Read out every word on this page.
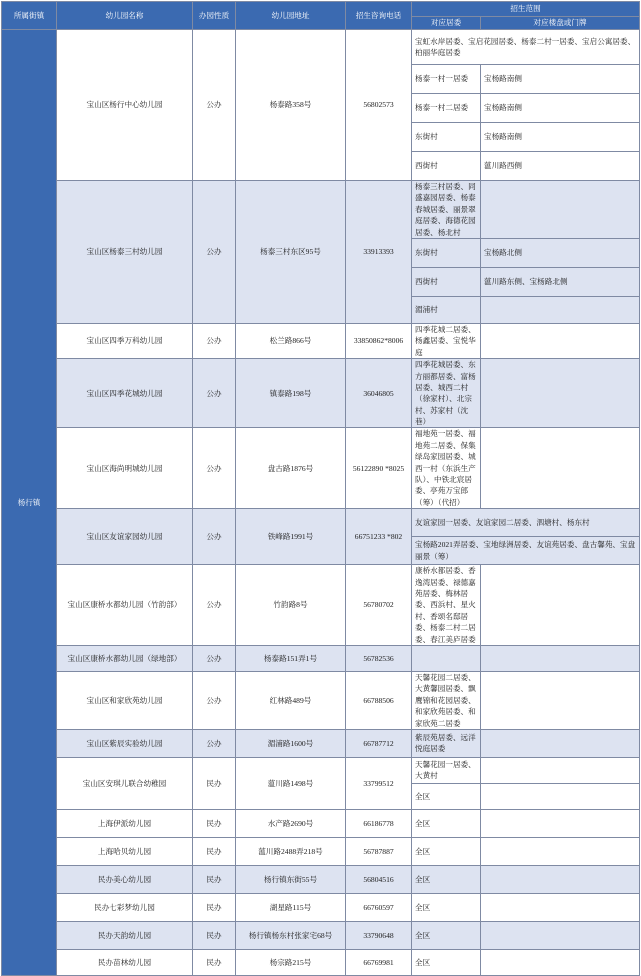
所属街镇	幼儿园名称	办园性质	幼儿园地址	招生咨询电话	招生范围	
					对应居委	对应楼盘或门牌
杨行镇	宝山区杨行中心幼儿园	公办	杨泰路358号	56802573	宝虹水岸居委、宝启花园居委、杨泰二村一居委、宝启公寓居委、柏丽华庭居委	
					杨泰一村一居委	宝杨路南侧
					杨泰一村二居委	宝杨路南侧
					东街村	宝杨路南侧
					西街村	蕰川路西侧
	宝山区杨泰三村幼儿园	公办	杨泰三村东区95号	33913393	杨泰三村居委、同盛嘉园居委、杨泰春城居委、丽景翠庭居委、海德花园居委、杨北村	
					东街村	宝杨路北侧
					西街村	蕰川路东侧、宝杨路北侧
					湄浦村	
	宝山区四季万科幼儿园	公办	松兰路866号	33850862*8006	四季花城二居委、杨鑫居委、宝悦华庭	
	宝山区四季花城幼儿园	公办	镇泰路198号	36046805	四季花城居委、东方丽都居委、富杨居委、城西二村（徐家村）、北宗村、苏家村（沈巷）	
	宝山区海尚明城幼儿园	公办	盘古路1876号	56122890 *8025	福地苑一居委、福地苑二居委、保集绿岛家园居委、城西一村（东浜生产队）、中铁北宸居委、亭苑万宝郎（筹）（代招）	
	宝山区友谊家园幼儿园	公办	铁峰路1991号	66751233 *802	友谊家园一居委、友谊家园二居委、泗塘村、杨东村	
					宝杨路2021弄居委、宝地绿洲居委、友谊苑居委、盘古馨苑、宝盘丽景（筹）	
	宝山区康桥水都幼儿园（竹韵部）	公办	竹韵路8号	56780702	康桥水都居委、香逸湾居委、禄德嘉苑居委、梅林居委、西浜村、星火村、香颂名邸居委、杨泰二村二居委、春江美庐居委	
	宝山区康桥水都幼儿园（绿地部）	公办	杨泰路151弄1号	56782536		
	宝山区和家欣苑幼儿园	公办	红林路489号	66788506	天馨花园二居委、大黄馨园居委、飘鹰锦和花园居委、和家欣苑居委、和家欣苑二居委	
	宝山区紫辰实验幼儿园	公办	湄浦路1600号	66787712	紫辰苑居委、远洋悦庭居委	
	宝山区安琪儿联合幼稚园	民办	蕰川路1498号	33799512	天馨花园一居委、大黄村	
					全区	
	上海伊派幼儿园	民办	水产路2690号	66186778	全区	
	上海哈贝幼儿园	民办	蕰川路2488弄218号	56787887	全区	
	民办美心幼儿园	民办	杨行镇东街55号	56804516	全区	
	民办七彩梦幼儿园	民办	湖星路115号	66760597	全区	
	民办天韵幼儿园	民办	杨行镇杨东村张家宅68号	33790648	全区	
	民办苗林幼儿园	民办	杨宗路215号	66769981	全区	
